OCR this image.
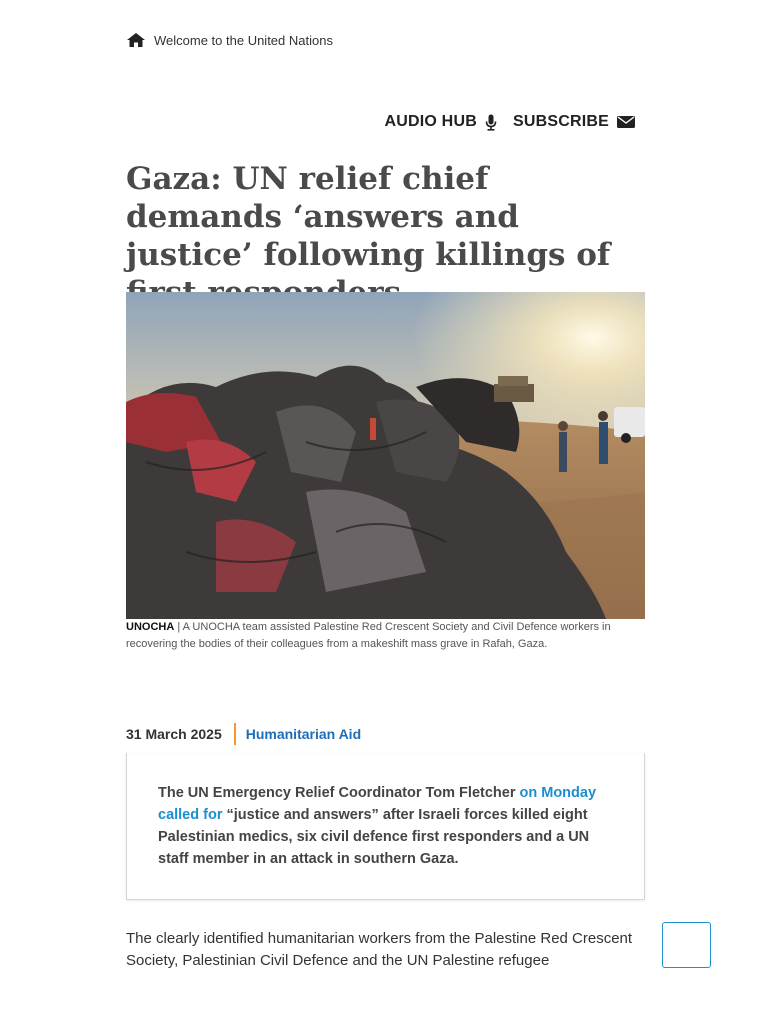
Welcome to the United Nations
AUDIO HUB SUBSCRIBE
Gaza: UN relief chief demands ‘answers and justice’ following killings of
UNOCHA | A UNOCHA team assisted Palestine Red Crescent Society and Civil Defence workers in recovering the bodies of their colleagues from a makeshift mass grave in Rafah, Gaza.
31 March 2025 Humanitarian Aid

The UN Emergency Relief Coordinator Tom Fletcher on Monday called for “justice and answers” after Israeli forces killed eight Palestinian medics, six civil defence first responders and a UN staff member in an attack in southern Gaza.

The clearly identified humanitarian workers from the Palestine Red Crescent Society, Palestinian Civil Defence and the UN Palestine refugee
